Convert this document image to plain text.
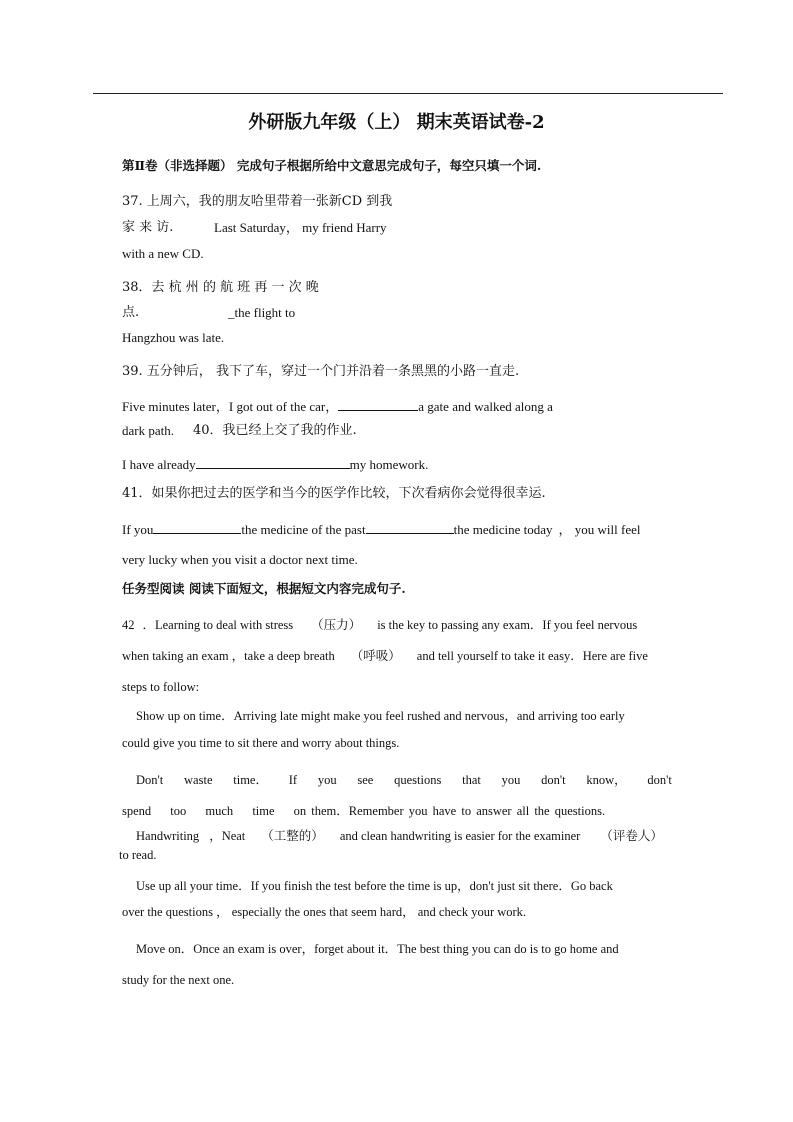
外研版九年级（上） 期末英语试卷-2
第Ⅱ卷（非选择题） 完成句子根据所给中文意思完成句子，每空只填一个词.
37. 上周六，我的朋友哈里带着一张新CD 到我
家 来 访.	Last Saturday， my friend Harry
with a new CD.
38．去 杭 州 的 航 班 再 一 次 晚
点.	_the flight to
Hangzhou was late.
39. 五分钟后， 我下了车，穿过一个门并沿着一条黑黑的小路一直走.
Five minutes later，I got out of the car，	a gate and walked along a
dark path. 40．我已经上交了我的作业.
I have already	my homework.
41．如果你把过去的医学和当今的医学作比较，下次看病你会觉得很幸运.
If you	the medicine of the past	the medicine today ， you will feel
very lucky when you visit a doctor next time.
任务型阅读 阅读下面短文，根据短文内容完成句子.
42 ．Learning to deal with stress （压力） is the key to passing any exam．If you feel nervous
when taking an exam ，take a deep breath （呼吸） and tell yourself to take it easy．Here are five
steps to follow:
Show up on time．Arriving late might make you feel rushed and nervous，and arriving too early
could give you time to sit there and worry about things.
Don't waste time． If you see questions that you don't know， don't
spend too much time on them．Remember you have to answer all the questions.
Handwriting ，Neat （工整的） and clean handwriting is easier for the examiner （评卷人）
to read.
Use up all your time．If you finish the test before the time is up，don't just sit there．Go back
over the questions ， especially the ones that seem hard， and check your work.
Move on．Once an exam is over，forget about it．The best thing you can do is to go home and
study for the next one.
